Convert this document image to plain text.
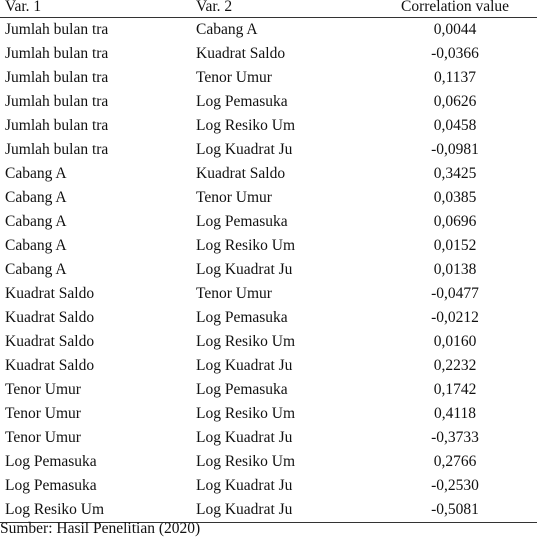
Var. 1	Var. 2	Correlation value
Jumlah bulan tra	Cabang A	0,0044
Jumlah bulan tra	Kuadrat Saldo	-0,0366
Jumlah bulan tra	Tenor Umur	0,1137
Jumlah bulan tra	Log Pemasuka	0,0626
Jumlah bulan tra	Log Resiko Um	0,0458
Jumlah bulan tra	Log Kuadrat Ju	-0,0981
Cabang A	Kuadrat Saldo	0,3425
Cabang A	Tenor Umur	0,0385
Cabang A	Log Pemasuka	0,0696
Cabang A	Log Resiko Um	0,0152
Cabang A	Log Kuadrat Ju	0,0138
Kuadrat Saldo	Tenor Umur	-0,0477
Kuadrat Saldo	Log Pemasuka	-0,0212
Kuadrat Saldo	Log Resiko Um	0,0160
Kuadrat Saldo	Log Kuadrat Ju	0,2232
Tenor Umur	Log Pemasuka	0,1742
Tenor Umur	Log Resiko Um	0,4118
Tenor Umur	Log Kuadrat Ju	-0,3733
Log Pemasuka	Log Resiko Um	0,2766
Log Pemasuka	Log Kuadrat Ju	-0,2530
Log Resiko Um	Log Kuadrat Ju	-0,5081
Sumber: Hasil Penelitian (2020)
